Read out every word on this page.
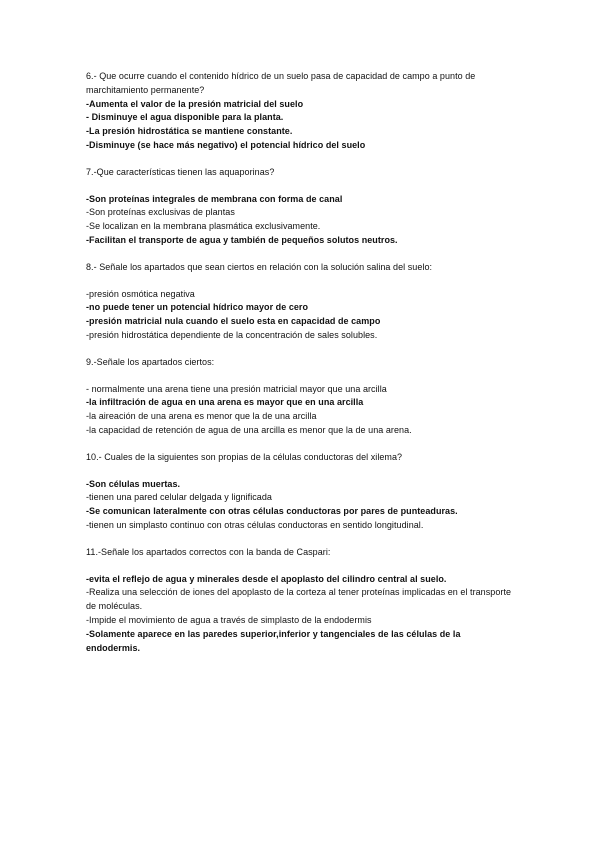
6.- Que ocurre cuando el contenido hídrico de un suelo pasa de capacidad de campo a punto de marchitamiento permanente?

-Aumenta el valor de la presión matricial del suelo

- Disminuye el agua disponible para la planta.

-La presión hidrostática se mantiene constante.

-Disminuye (se hace más negativo) el potencial hídrico del suelo

7.-Que características tienen las aquaporinas?

-Son proteínas integrales de membrana con forma de canal

-Son proteínas exclusivas de plantas

-Se localizan en la membrana plasmática exclusivamente.

-Facilitan el transporte de agua y también de pequeños solutos neutros.

8.- Señale los apartados que sean ciertos en relación con la solución salina del suelo:

-presión osmótica negativa

-no puede tener un potencial hídrico mayor de cero

-presión matricial nula cuando el suelo esta en capacidad de campo

-presión hidrostática dependiente de la concentración de sales solubles.

9.-Señale los apartados ciertos:

- normalmente una arena tiene una presión matricial mayor que una arcilla

-la infiltración de agua en una arena es mayor que en una arcilla

-la aireación de una arena es menor que la de una arcilla

-la capacidad de retención de agua de una arcilla es menor que la de una arena.

10.- Cuales de la siguientes son propias de la células conductoras del xilema?

-Son células muertas.

-tienen una pared celular delgada y lignificada

-Se comunican lateralmente con otras células conductoras por pares de punteaduras.

-tienen un simplasto continuo con otras células conductoras en sentido longitudinal.

11.-Señale los apartados correctos con la banda de Caspari:

-evita el reflejo de agua y minerales desde el apoplasto del cilindro central al suelo.

-Realiza una selección de iones del apoplasto de la corteza al tener proteínas implicadas en el transporte de moléculas.

-Impide el movimiento de agua a través de simplasto de la endodermis

-Solamente aparece en las paredes superior,inferior y tangenciales de las células de la endodermis.
